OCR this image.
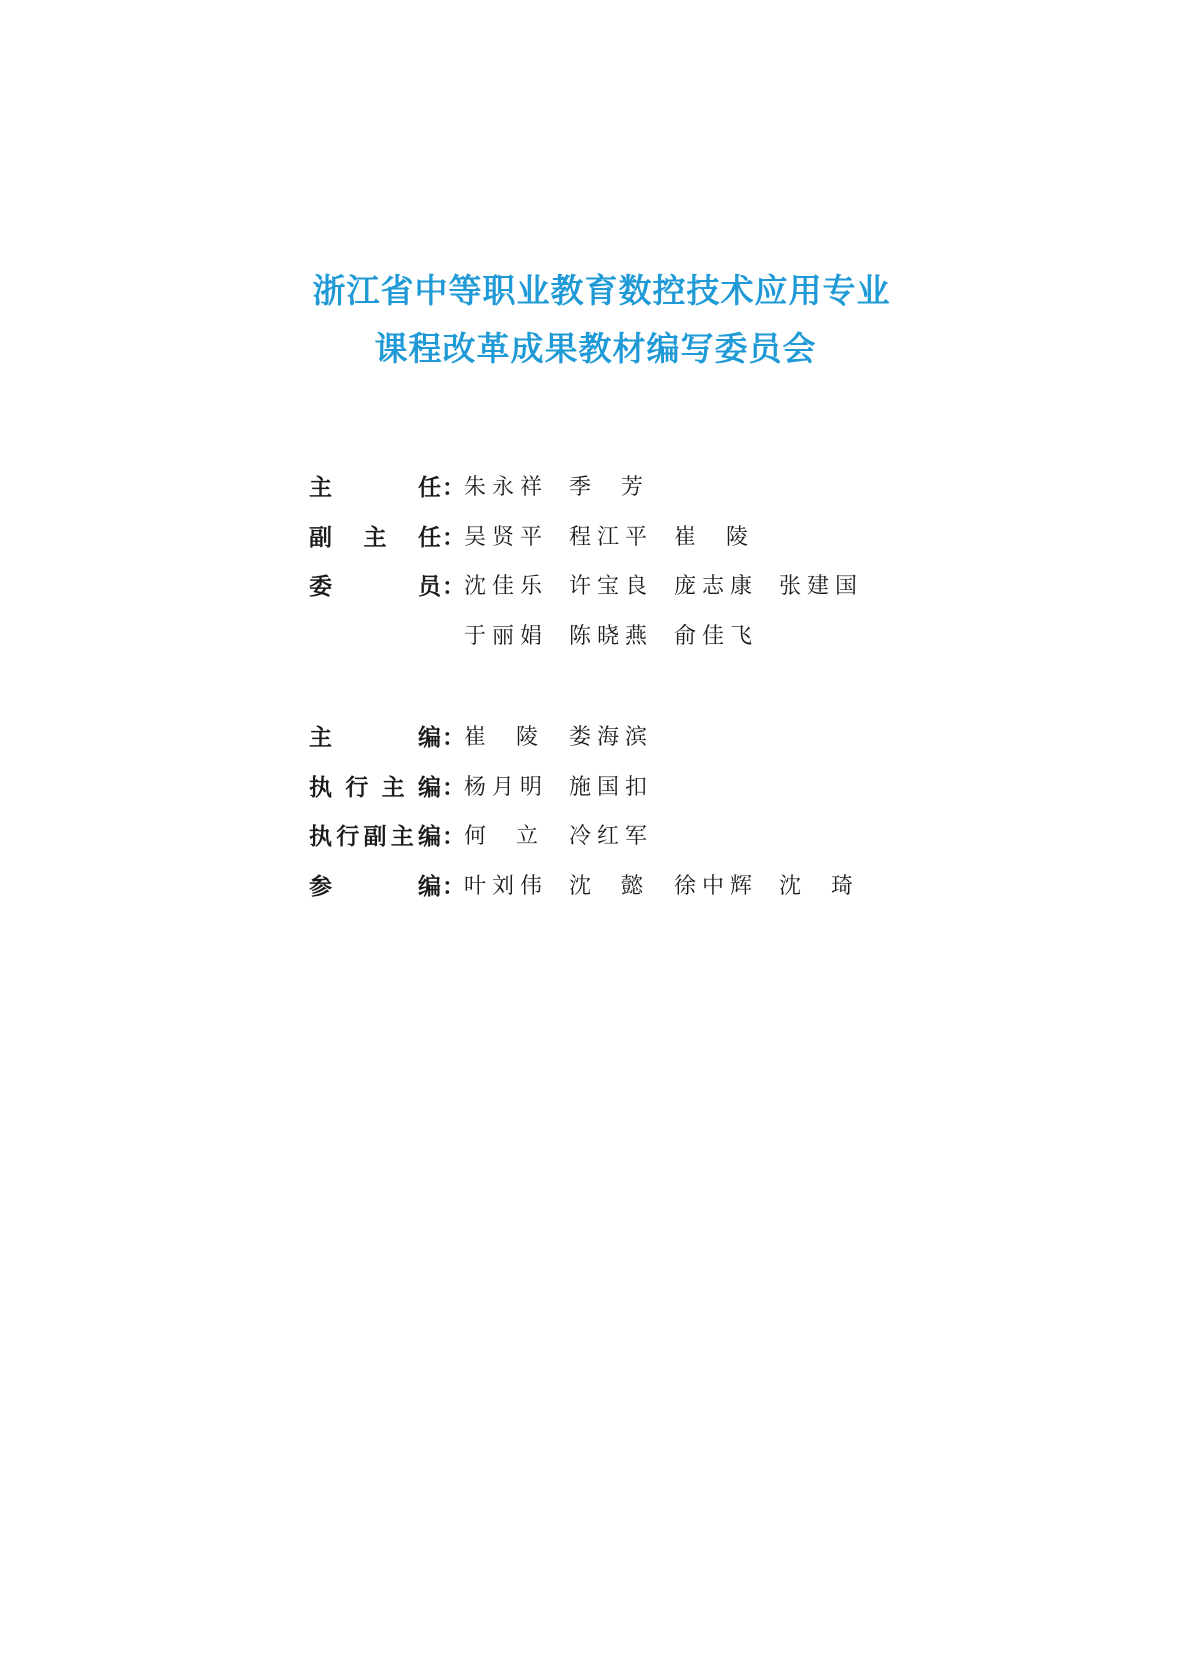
浙江省中等职业教育数控技术应用专业
课程改革成果教材编写委员会
主任 ： 朱永祥 季 芳
副主任 ： 吴贤平 程江平 崔 陵
委员 ： 沈佳乐 许宝良 庞志康 张建国
于丽娟 陈晓燕 俞佳飞
主编 ： 崔 陵 娄海滨
执行主编 ： 杨月明 施国扣
执行副主编 ： 何 立 冷红军
参编 ： 叶刘伟 沈 懿 徐中辉 沈 琦
